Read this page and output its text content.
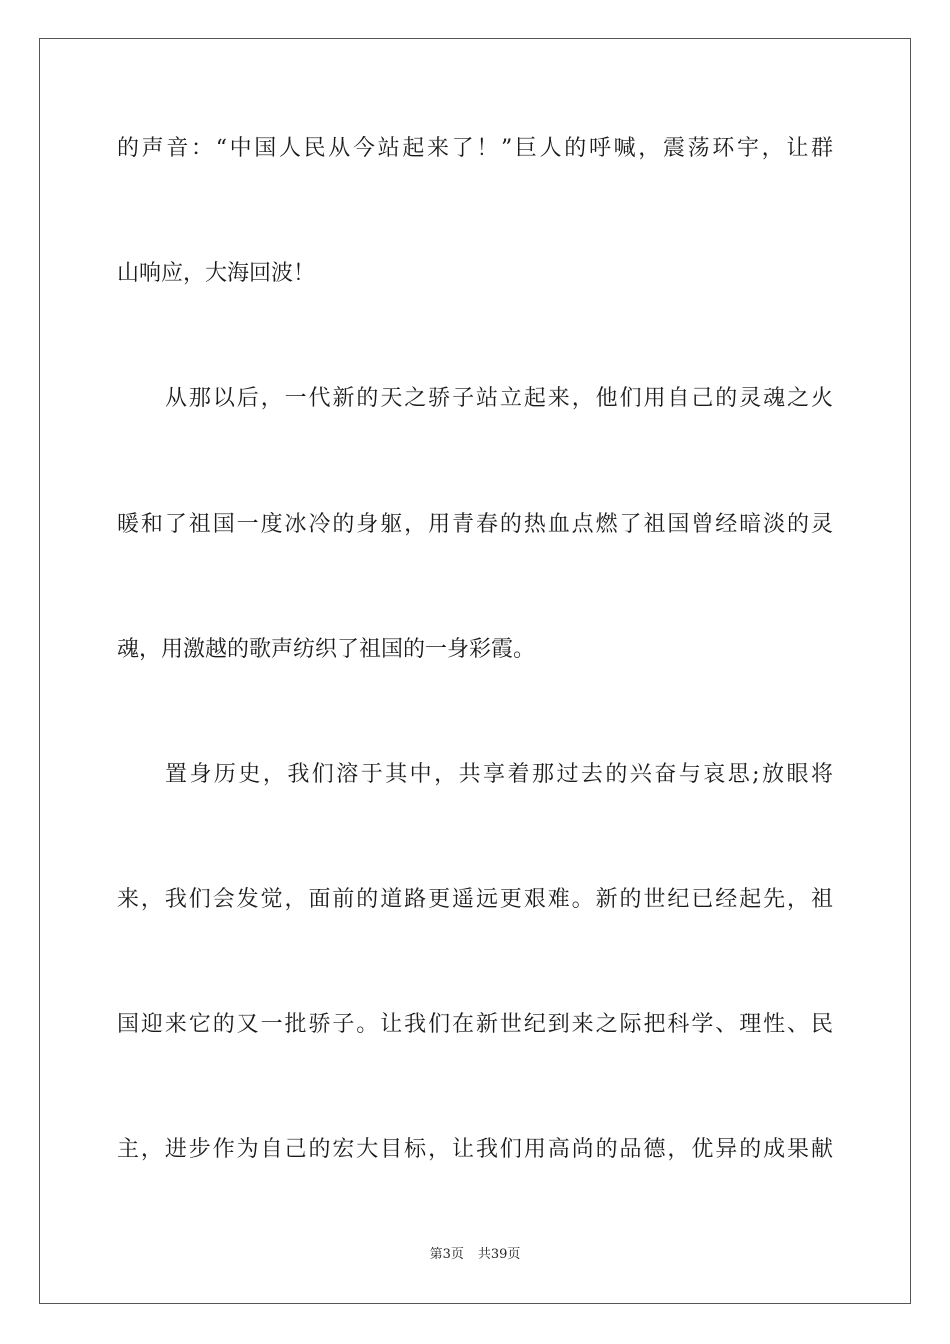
的声音：“中国人民从今站起来了！”巨人的呼喊，震荡环宇，让群
山响应，大海回波！
从那以后，一代新的天之骄子站立起来，他们用自己的灵魂之火
暖和了祖国一度冰冷的身躯，用青春的热血点燃了祖国曾经暗淡的灵
魂，用激越的歌声纺织了祖国的一身彩霞。
置身历史，我们溶于其中，共享着那过去的兴奋与哀思;放眼将
来，我们会发觉，面前的道路更遥远更艰难。新的世纪已经起先，祖
国迎来它的又一批骄子。让我们在新世纪到来之际把科学、理性、民
主，进步作为自己的宏大目标，让我们用高尚的品德，优异的成果献
第3页 共39页
